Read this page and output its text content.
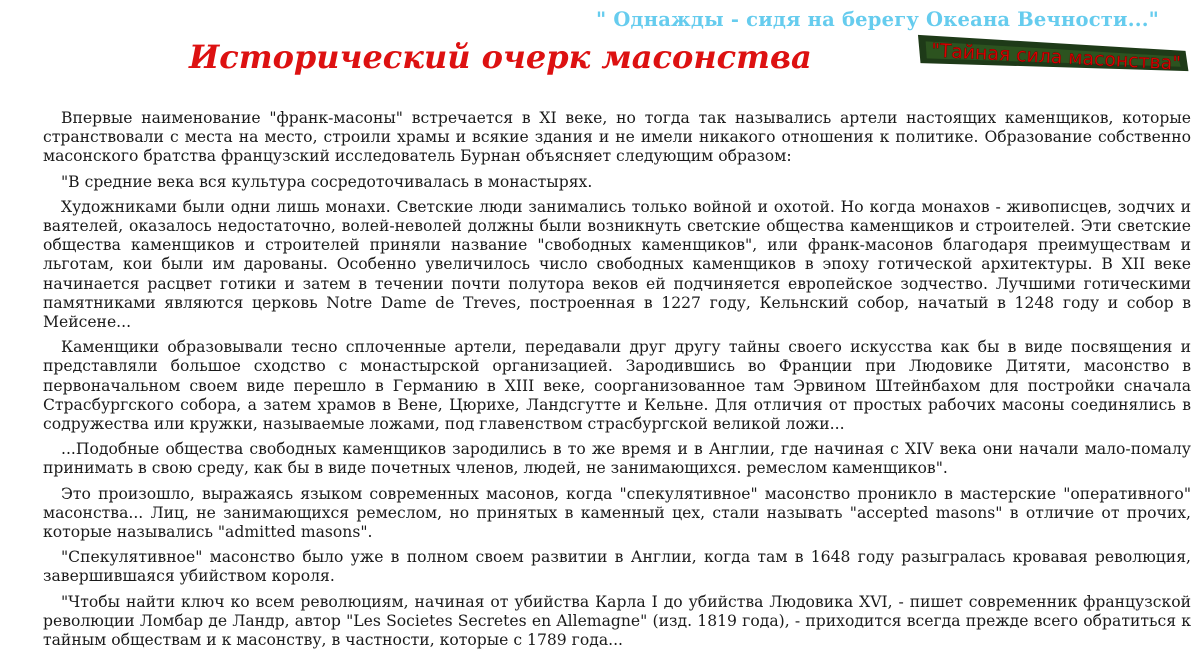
" Однажды - сидя на берегу Океана Вечности..."
Исторический очерк масонства	"Тайная сила масонства"

Впервые наименование "франк-масоны" встречается в XI веке, но тогда так назывались артели настоящих каменщиков, которые странствовали с места на место, строили храмы и всякие здания и не имели никакого отношения к политике. Образование собственно масонского братства французский исследователь Бурнан объясняет следующим образом:

"В средние века вся культура сосредоточивалась в монастырях.

Художниками были одни лишь монахи. Светские люди занимались только войной и охотой. Но когда монахов - живописцев, зодчих и ваятелей, оказалось недостаточно, волей-неволей должны были возникнуть светские общества каменщиков и строителей. Эти светские общества каменщиков и строителей приняли название "свободных каменщиков", или франк-масонов благодаря преимуществам и льготам, кои были им дарованы. Особенно увеличилось число свободных каменщиков в эпоху готической архитектуры. В XII веке начинается расцвет готики и затем в течении почти полутора веков ей подчиняется европейское зодчество. Лучшими готическими памятниками являются церковь Notre Dame de Treves, построенная в 1227 году, Кельнский собор, начатый в 1248 году и собор в Мейсене...

Каменщики образовывали тесно сплоченные артели, передавали друг другу тайны своего искусства как бы в виде посвящения и представляли большое сходство с монастырской организацией. Зародившись во Франции при Людовике Дитяти, масонство в первоначальном своем виде перешло в Германию в XIII веке, соорганизованное там Эрвином Штейнбахом для постройки сначала Страсбургского собора, а затем храмов в Вене, Цюрихе, Ландсгутте и Кельне. Для отличия от простых рабочих масоны соединялись в содружества или кружки, называемые ложами, под главенством страсбургской великой ложи...

...Подобные общества свободных каменщиков зародились в то же время и в Англии, где начиная с XIV века они начали мало-помалу принимать в свою среду, как бы в виде почетных членов, людей, не занимающихся. ремеслом каменщиков".

Это произошло, выражаясь языком современных масонов, когда "спекулятивное" масонство проникло в мастерские "оперативного" масонства... Лиц, не занимающихся ремеслом, но принятых в каменный цех, стали называть "accepted masons" в отличие от прочих, которые назывались "admitted masons".

"Спекулятивное" масонство было уже в полном своем развитии в Англии, когда там в 1648 году разыгралась кровавая революция, завершившаяся убийством короля.

"Чтобы найти ключ ко всем революциям, начиная от убийства Карла I до убийства Людовика XVI, - пишет современник французской революции Ломбар де Ландр, автор "Les Societes Secretes en Allemagne" (изд. 1819 года), - приходится всегда прежде всего обратиться к тайным обществам и к масонству, в частности, которые с 1789 года...
